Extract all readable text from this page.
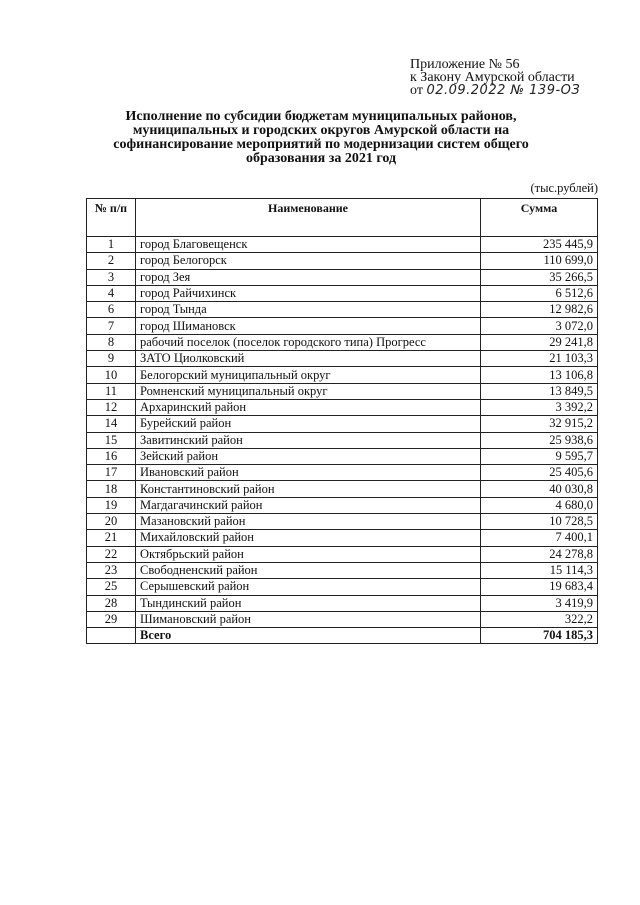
Приложение № 56
к Закону Амурской области
от 02.09.2022 № 139-ОЗ
Исполнение по субсидии бюджетам муниципальных районов, муниципальных и городских округов Амурской области на софинансирование мероприятий по модернизации систем общего образования за 2021 год
(тыс.рублей)
№ п/п	Наименование	Сумма
1	город Благовещенск	235 445,9
2	город Белогорск	110 699,0
3	город Зея	35 266,5
4	город Райчихинск	6 512,6
6	город Тында	12 982,6
7	город Шимановск	3 072,0
8	рабочий поселок (поселок городского типа) Прогресс	29 241,8
9	ЗАТО Циолковский	21 103,3
10	Белогорский муниципальный округ	13 106,8
11	Ромненский муниципальный округ	13 849,5
12	Архаринский район	3 392,2
14	Бурейский район	32 915,2
15	Завитинский район	25 938,6
16	Зейский район	9 595,7
17	Ивановский район	25 405,6
18	Константиновский район	40 030,8
19	Магдагачинский район	4 680,0
20	Мазановский район	10 728,5
21	Михайловский район	7 400,1
22	Октябрьский район	24 278,8
23	Свободненский район	15 114,3
25	Серышевский район	19 683,4
28	Тындинский район	3 419,9
29	Шимановский район	322,2
	Всего	704 185,3
